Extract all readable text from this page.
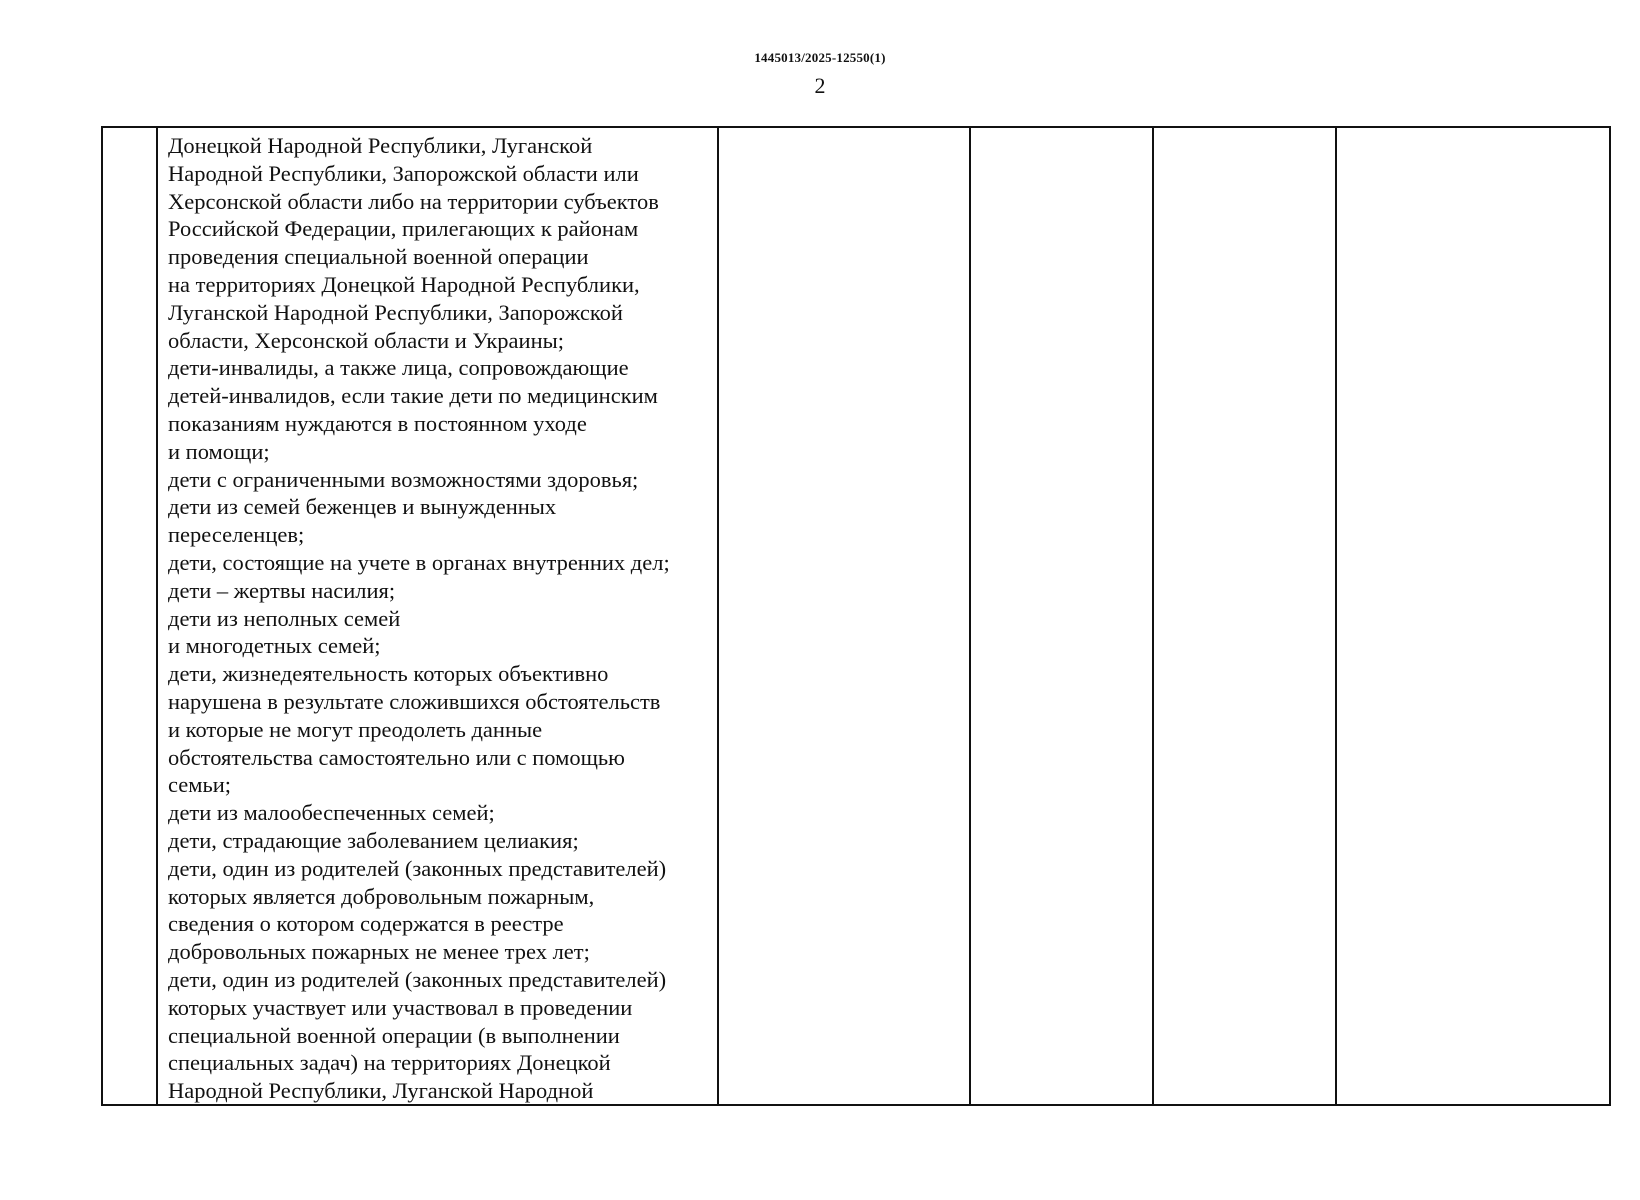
1445013/2025-12550(1)
2
Донецкой Народной Республики, Луганской
Народной Республики, Запорожской области или
Херсонской области либо на территории субъектов
Российской Федерации, прилегающих к районам
проведения специальной военной операции
на территориях Донецкой Народной Республики,
Луганской Народной Республики, Запорожской
области, Херсонской области и Украины;
дети-инвалиды, а также лица, сопровождающие
детей-инвалидов, если такие дети по медицинским
показаниям нуждаются в постоянном уходе
и помощи;
дети с ограниченными возможностями здоровья;
дети из семей беженцев и вынужденных
переселенцев;
дети, состоящие на учете в органах внутренних дел;
дети – жертвы насилия;
дети из неполных семей
и многодетных семей;
дети, жизнедеятельность которых объективно
нарушена в результате сложившихся обстоятельств
и которые не могут преодолеть данные
обстоятельства самостоятельно или с помощью
семьи;
дети из малообеспеченных семей;
дети, страдающие заболеванием целиакия;
дети, один из родителей (законных представителей)
которых является добровольным пожарным,
сведения о котором содержатся в реестре
добровольных пожарных не менее трех лет;
дети, один из родителей (законных представителей)
которых участвует или участвовал в проведении
специальной военной операции (в выполнении
специальных задач) на территориях Донецкой
Народной Республики, Луганской Народной
